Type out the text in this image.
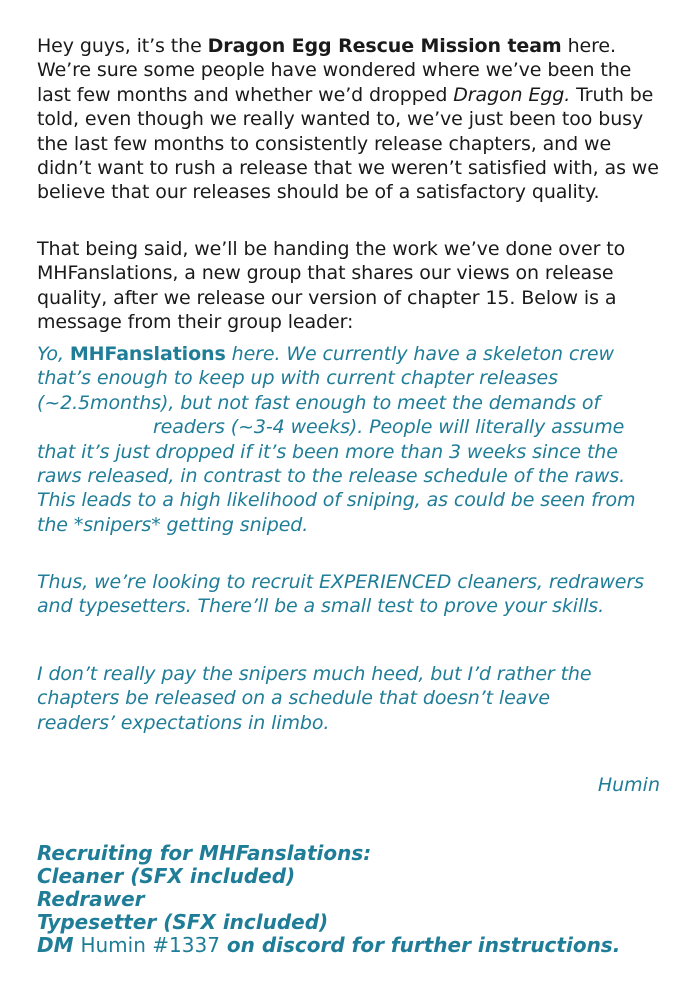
Hey guys, it’s the Dragon Egg Rescue Mission team here. We’re sure some people have wondered where we’ve been the last few months and whether we’d dropped Dragon Egg. Truth be told, even though we really wanted to, we’ve just been too busy the last few months to consistently release chapters, and we didn’t want to rush a release that we weren’t satisfied with, as we believe that our releases should be of a satisfactory quality.

That being said, we’ll be handing the work we’ve done over to MHFanslations, a new group that shares our views on release quality, after we release our version of chapter 15. Below is a message from their group leader:

Yo, MHFanslations here. We currently have a skeleton crew that’s enough to keep up with current chapter releases (~2.5months), but not fast enough to meet the demands of  readers (~3-4 weeks). People will literally assume that it’s just dropped if it’s been more than 3 weeks since the raws released, in contrast to the release schedule of the raws. This leads to a high likelihood of sniping, as could be seen from the *snipers* getting sniped.

Thus, we’re looking to recruit EXPERIENCED cleaners, redrawers and typesetters. There’ll be a small test to prove your skills.

I don’t really pay the snipers much heed, but I’d rather the chapters be released on a schedule that doesn’t leave  readers’ expectations in limbo.

Humin
Recruiting for MHFanslations:
Cleaner (SFX included)
Redrawer
Typesetter (SFX included)
DM Humin #1337 on discord for further instructions.
